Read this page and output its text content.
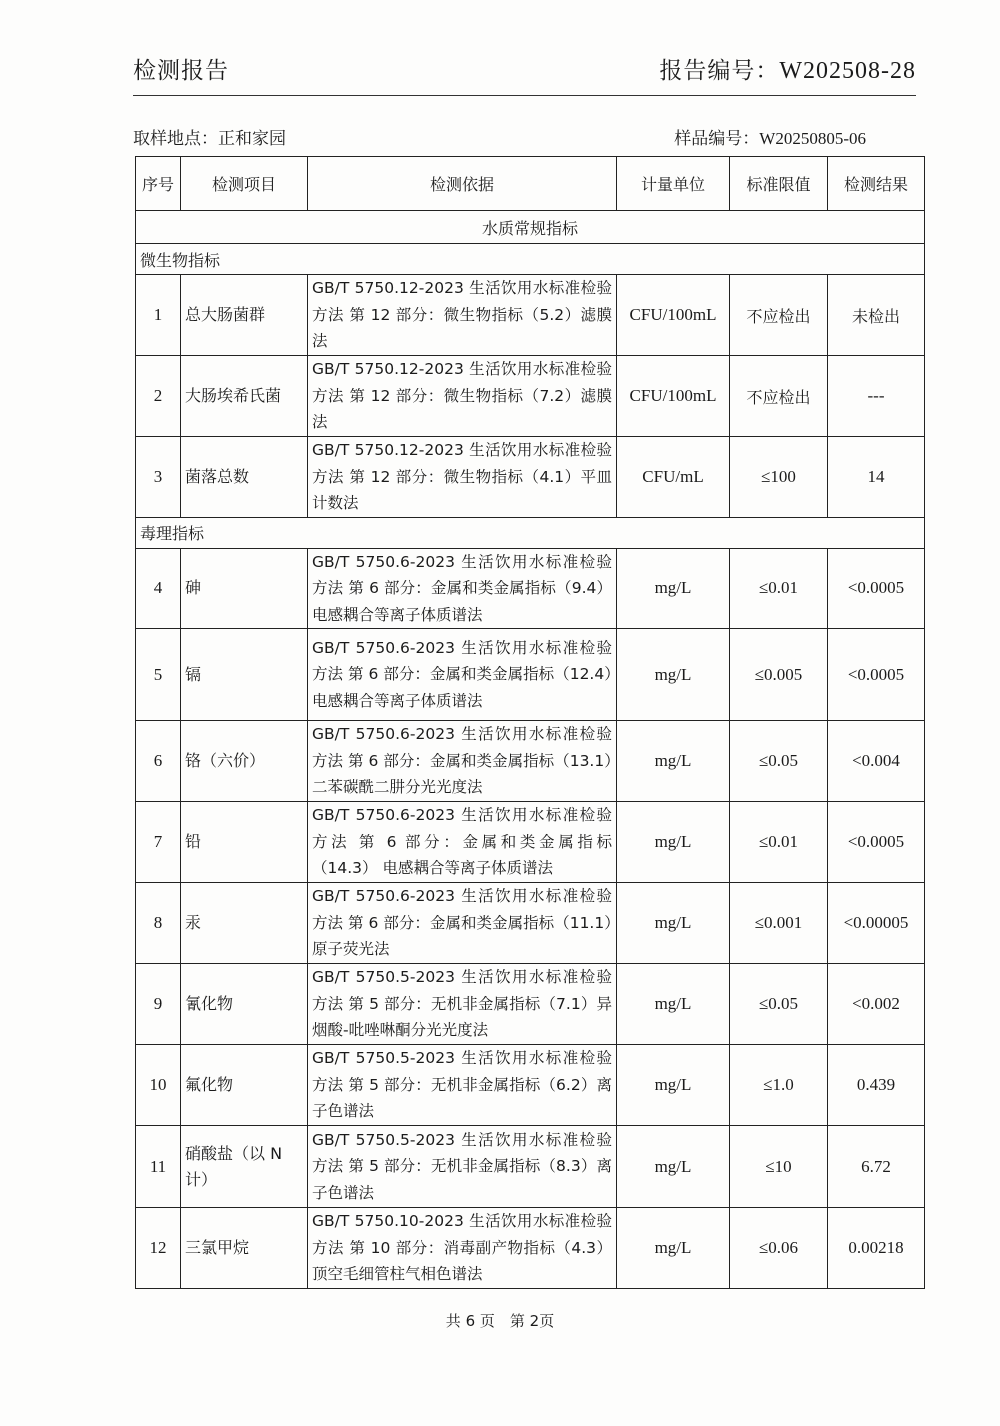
检测报告	报告编号：W202508-28
取样地点：正和家园	样品编号：W20250805-06
序号	检测项目	检测依据	计量单位	标准限值	检测结果
水质常规指标					
微生物指标					
1	总大肠菌群	GB/T 5750.12-2023 生活饮用水标准检验方法 第 12 部分：微生物指标（5.2）滤膜法	CFU/100mL	不应检出	未检出
2	大肠埃希氏菌	GB/T 5750.12-2023 生活饮用水标准检验方法 第 12 部分：微生物指标（7.2）滤膜法	CFU/100mL	不应检出	---
3	菌落总数	GB/T 5750.12-2023 生活饮用水标准检验方法 第 12 部分：微生物指标（4.1）平皿计数法	CFU/mL	≤100	14
毒理指标					
4	砷	GB/T 5750.6-2023 生活饮用水标准检验方法 第 6 部分：金属和类金属指标（9.4）电感耦合等离子体质谱法	mg/L	≤0.01	<0.0005
5	镉	GB/T 5750.6-2023 生活饮用水标准检验方法 第 6 部分：金属和类金属指标（12.4）电感耦合等离子体质谱法	mg/L	≤0.005	<0.0005
6	铬（六价）	GB/T 5750.6-2023 生活饮用水标准检验方法 第 6 部分：金属和类金属指标（13.1）二苯碳酰二肼分光光度法	mg/L	≤0.05	<0.004
7	铅	GB/T 5750.6-2023 生活饮用水标准检验方法 第 6 部分：金属和类金属指标（14.3） 电感耦合等离子体质谱法	mg/L	≤0.01	<0.0005
8	汞	GB/T 5750.6-2023 生活饮用水标准检验方法 第 6 部分：金属和类金属指标（11.1）原子荧光法	mg/L	≤0.001	<0.00005
9	氰化物	GB/T 5750.5-2023 生活饮用水标准检验方法 第 5 部分：无机非金属指标（7.1）异烟酸-吡唑啉酮分光光度法	mg/L	≤0.05	<0.002
10	氟化物	GB/T 5750.5-2023 生活饮用水标准检验方法 第 5 部分：无机非金属指标（6.2）离子色谱法	mg/L	≤1.0	0.439
11	硝酸盐（以 N 计）	GB/T 5750.5-2023 生活饮用水标准检验方法 第 5 部分：无机非金属指标（8.3）离子色谱法	mg/L	≤10	6.72
12	三氯甲烷	GB/T 5750.10-2023 生活饮用水标准检验方法 第 10 部分：消毒副产物指标（4.3）顶空毛细管柱气相色谱法	mg/L	≤0.06	0.00218
共 6 页　第 2页
